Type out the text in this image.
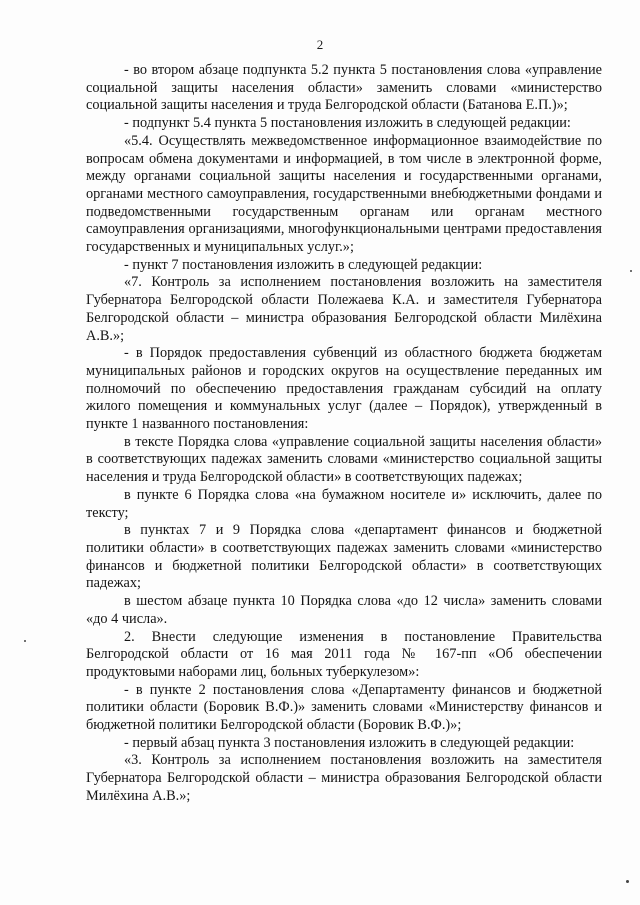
2

- во втором абзаце подпункта 5.2 пункта 5 постановления слова «управление социальной защиты населения области» заменить словами «министерство социальной защиты населения и труда Белгородской области (Батанова Е.П.)»;

- подпункт 5.4 пункта 5 постановления изложить в следующей редакции:

«5.4. Осуществлять межведомственное информационное взаимодействие по вопросам обмена документами и информацией, в том числе в электронной форме, между органами социальной защиты населения и государственными органами, органами местного самоуправления, государственными внебюджетными фондами и подведомственными государственным органам или органам местного самоуправления организациями, многофункциональными центрами предоставления государственных и муниципальных услуг.»;

- пункт 7 постановления изложить в следующей редакции:

«7. Контроль за исполнением постановления возложить на заместителя Губернатора Белгородской области Полежаева К.А. и заместителя Губернатора Белгородской области – министра образования Белгородской области Милёхина А.В.»;

- в Порядок предоставления субвенций из областного бюджета бюджетам муниципальных районов и городских округов на осуществление переданных им полномочий по обеспечению предоставления гражданам субсидий на оплату жилого помещения и коммунальных услуг (далее – Порядок), утвержденный в пункте 1 названного постановления:

в тексте Порядка слова «управление социальной защиты населения области» в соответствующих падежах заменить словами «министерство социальной защиты населения и труда Белгородской области» в соответствующих падежах;

в пункте 6 Порядка слова «на бумажном носителе и» исключить, далее по тексту;

в пунктах 7 и 9 Порядка слова «департамент финансов и бюджетной политики области» в соответствующих падежах заменить словами «министерство финансов и бюджетной политики Белгородской области» в соответствующих падежах;

в шестом абзаце пункта 10 Порядка слова «до 12 числа» заменить словами «до 4 числа».

2. Внести следующие изменения в постановление Правительства Белгородской области от 16 мая 2011 года № 167-пп «Об обеспечении продуктовыми наборами лиц, больных туберкулезом»:

- в пункте 2 постановления слова «Департаменту финансов и бюджетной политики области (Боровик В.Ф.)» заменить словами «Министерству финансов и бюджетной политики Белгородской области (Боровик В.Ф.)»;

- первый абзац пункта 3 постановления изложить в следующей редакции:

«3. Контроль за исполнением постановления возложить на заместителя Губернатора Белгородской области – министра образования Белгородской области Милёхина А.В.»;
